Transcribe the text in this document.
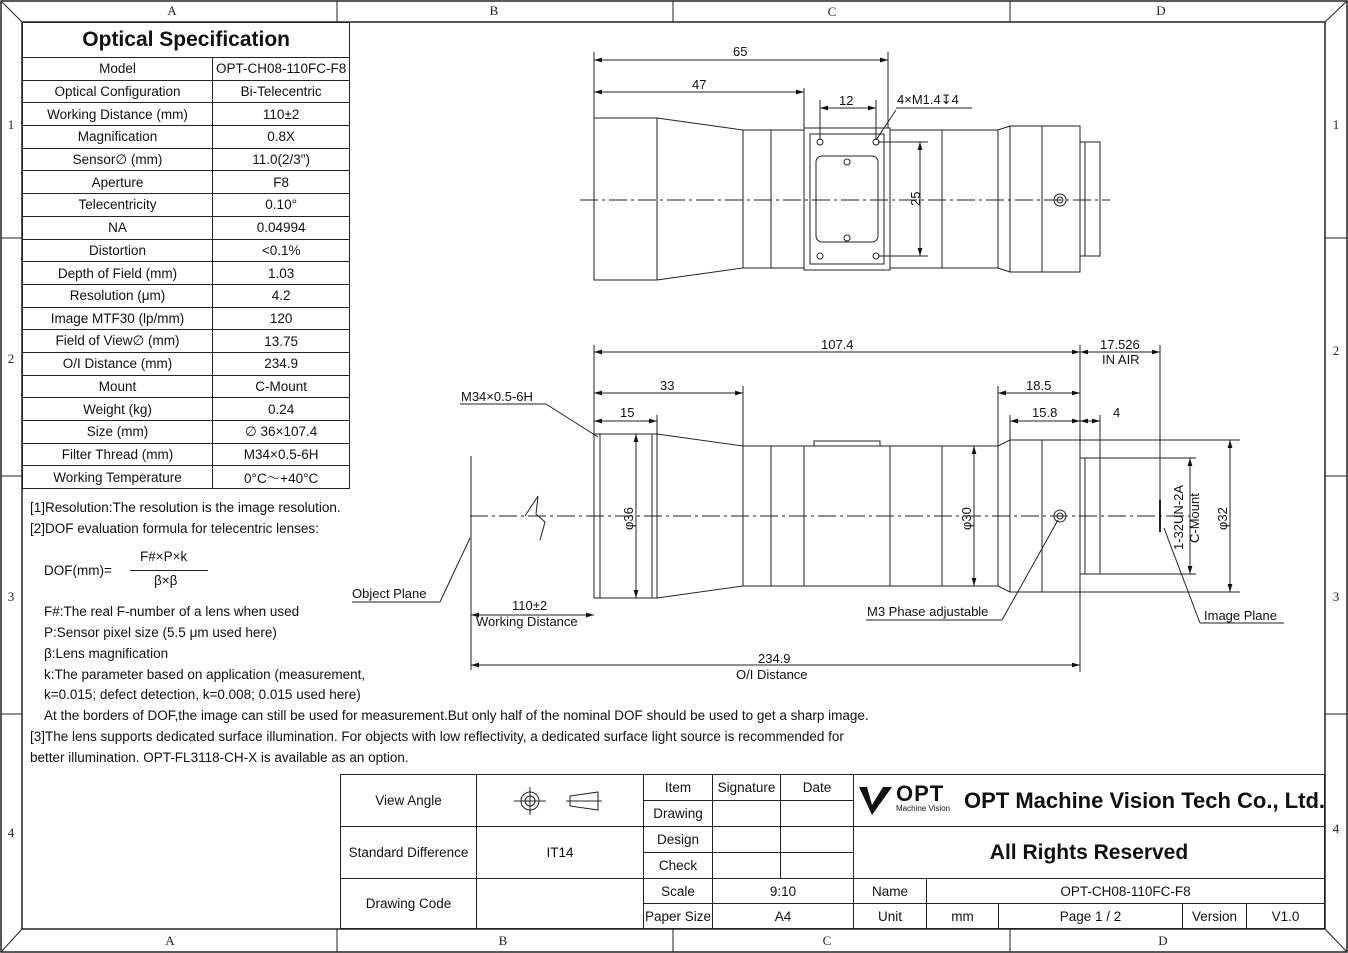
A	B	C	D
A	B	C	D
1
2
3
4
1
2
3
4
Optical Specification	
Model	OPT-CH08-110FC-F8
Optical Configuration	Bi-Telecentric
Working Distance (mm)	110±2
Magnification	0.8X
Sensor∅ (mm)	11.0(2/3")
Aperture	F8
Telecentricity	0.10°
NA	0.04994
Distortion	<0.1%
Depth of Field (mm)	1.03
Resolution (μm)	4.2
Image MTF30 (lp/mm)	120
Field of View∅ (mm)	13.75
O/I Distance (mm)	234.9
Mount	C-Mount
Weight (kg)	0.24
Size (mm)	∅ 36×107.4
Filter Thread (mm)	M34×0.5-6H
Working Temperature	0°C～+40°C
[1]Resolution:The resolution is the image resolution.
[2]DOF evaluation formula for telecentric lenses:
DOF(mm)=
F#×P×k
β×β
F#:The real F-number of a lens when used
P:Sensor pixel size (5.5 μm used here)
β:Lens magnification
k:The parameter based on application (measurement,
k=0.015; defect detection, k=0.008; 0.015 used here)
At the borders of DOF,the image can still be used for measurement.But only half of the nominal DOF should be used to get a sharp image.
[3]The lens supports dedicated surface illumination. For objects with low reflectivity, a dedicated surface light source is recommended for
better illumination. OPT-FL3118-CH-X is available as an option.
65
47
12	4×M1.4↧4
25
107.4	17.526
IN AIR
33	18.5
15	15.8	4
M34×0.5-6H
φ36	φ30	φ32
1-32UN-2A C-Mount
Object Plane
Image Plane
110±2
Working Distance
M3 Phase adjustable
234.9
O/I Distance
View Angle
Standard Difference	IT14
Drawing Code
Item	Signature	Date
Drawing
Design
Check
Scale	9:10
Paper Size	A4
OPT
Machine Vision OPT Machine Vision Tech Co., Ltd.
All Rights Reserved
Name	OPT-CH08-110FC-F8
Unit	mm	Page 1 / 2	Version	V1.0
